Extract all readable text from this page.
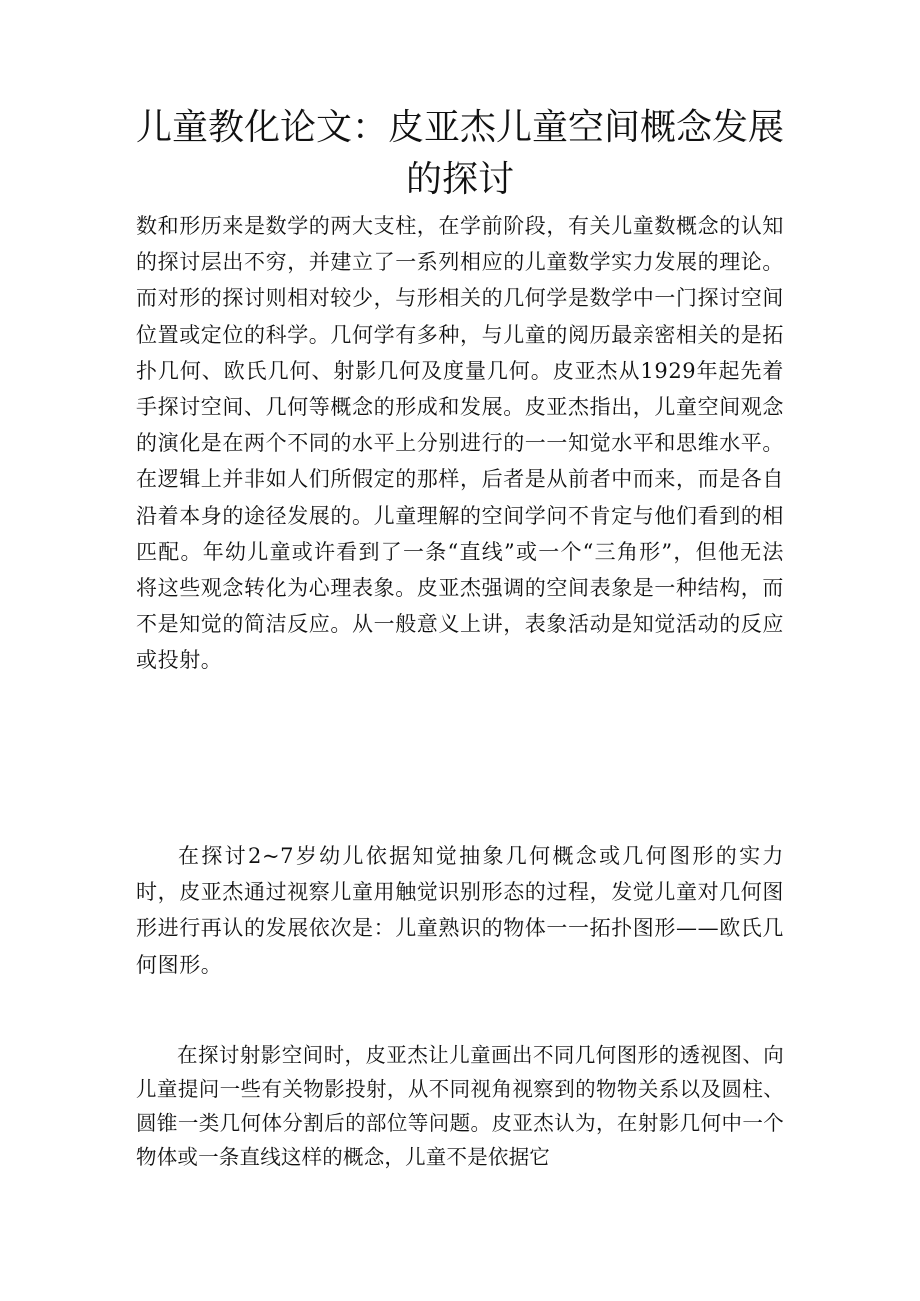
儿童教化论文：皮亚杰儿童空间概念发展
的探讨

数和形历来是数学的两大支柱，在学前阶段，有关儿童数概念的认知的探讨层出不穷，并建立了一系列相应的儿童数学实力发展的理论。而对形的探讨则相对较少，与形相关的几何学是数学中一门探讨空间位置或定位的科学。几何学有多种，与儿童的阅历最亲密相关的是拓扑几何、欧氏几何、射影几何及度量几何。皮亚杰从1929年起先着手探讨空间、几何等概念的形成和发展。皮亚杰指出，儿童空间观念的演化是在两个不同的水平上分别进行的一一知觉水平和思维水平。在逻辑上并非如人们所假定的那样，后者是从前者中而来，而是各自沿着本身的途径发展的。儿童理解的空间学问不肯定与他们看到的相匹配。年幼儿童或许看到了一条“直线”或一个“三角形”，但他无法将这些观念转化为心理表象。皮亚杰强调的空间表象是一种结构，而不是知觉的简洁反应。从一般意义上讲，表象活动是知觉活动的反应或投射。

在探讨2~7岁幼儿依据知觉抽象几何概念或几何图形的实力时，皮亚杰通过视察儿童用触觉识别形态的过程，发觉儿童对几何图形进行再认的发展依次是：儿童熟识的物体一一拓扑图形——欧氏几何图形。

在探讨射影空间时，皮亚杰让儿童画出不同几何图形的透视图、向儿童提问一些有关物影投射，从不同视角视察到的物物关系以及圆柱、圆锥一类几何体分割后的部位等问题。皮亚杰认为，在射影几何中一个物体或一条直线这样的概念，儿童不是依据它
